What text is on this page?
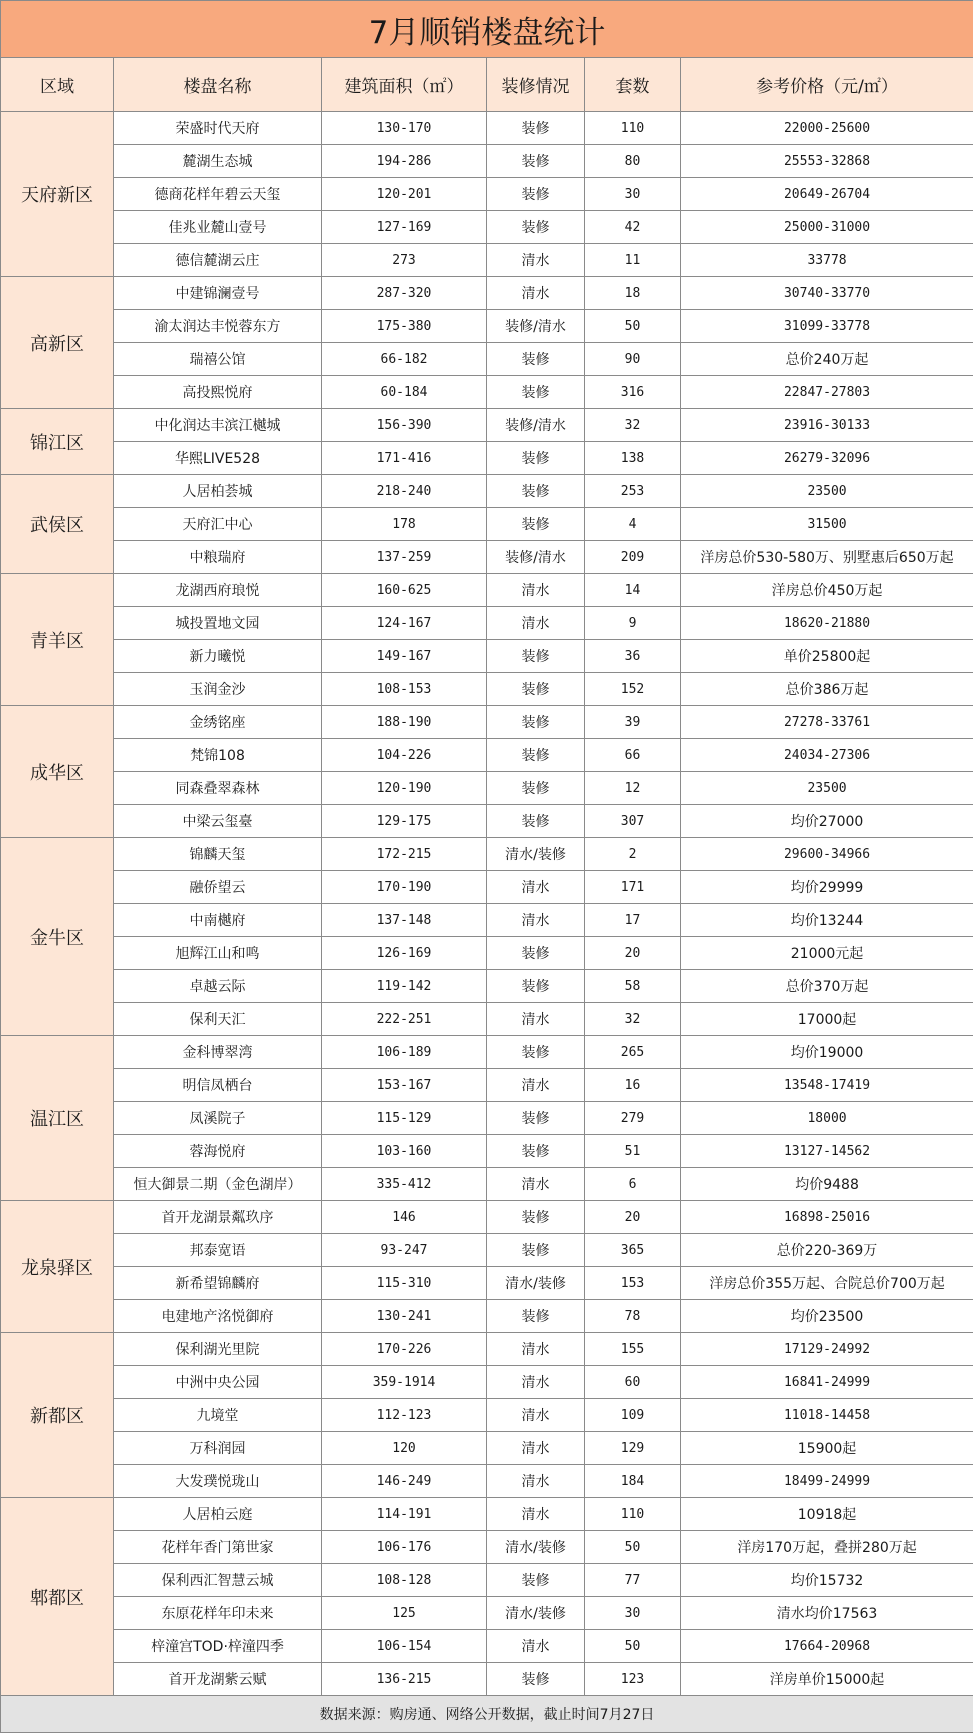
7月顺销楼盘统计					
区域	楼盘名称	建筑面积（㎡）	装修情况	套数	参考价格（元/㎡）
天府新区	荣盛时代天府	130-170	装修	110	22000-25600
	麓湖生态城	194-286	装修	80	25553-32868
	德商花样年碧云天玺	120-201	装修	30	20649-26704
	佳兆业麓山壹号	127-169	装修	42	25000-31000
	德信麓湖云庄	273	清水	11	33778
高新区	中建锦澜壹号	287-320	清水	18	30740-33770
	渝太润达丰悦蓉东方	175-380	装修/清水	50	31099-33778
	瑞禧公馆	66-182	装修	90	总价240万起
	高投熙悦府	60-184	装修	316	22847-27803
锦江区	中化润达丰滨江樾城	156-390	装修/清水	32	23916-30133
	华熙LIVE528	171-416	装修	138	26279-32096
武侯区	人居柏荟城	218-240	装修	253	23500
	天府汇中心	178	装修	4	31500
	中粮瑞府	137-259	装修/清水	209	洋房总价530-580万、别墅惠后650万起
青羊区	龙湖西府琅悦	160-625	清水	14	洋房总价450万起
	城投置地文园	124-167	清水	9	18620-21880
	新力曦悦	149-167	装修	36	单价25800起
	玉润金沙	108-153	装修	152	总价386万起
成华区	金绣铭座	188-190	装修	39	27278-33761
	梵锦108	104-226	装修	66	24034-27306
	同森叠翠森林	120-190	装修	12	23500
	中梁云玺臺	129-175	装修	307	均价27000
金牛区	锦麟天玺	172-215	清水/装修	2	29600-34966
	融侨望云	170-190	清水	171	均价29999
	中南樾府	137-148	清水	17	均价13244
	旭辉江山和鸣	126-169	装修	20	21000元起
	卓越云际	119-142	装修	58	总价370万起
	保利天汇	222-251	清水	32	17000起
温江区	金科博翠湾	106-189	装修	265	均价19000
	明信凤栖台	153-167	清水	16	13548-17419
	凤溪院子	115-129	装修	279	18000
	蓉海悦府	103-160	装修	51	13127-14562
	恒大御景二期（金色湖岸）	335-412	清水	6	均价9488
龙泉驿区	首开龙湖景粼玖序	146	装修	20	16898-25016
	邦泰宽语	93-247	装修	365	总价220-369万
	新希望锦麟府	115-310	清水/装修	153	洋房总价355万起、合院总价700万起
	电建地产洺悦御府	130-241	装修	78	均价23500
新都区	保利湖光里院	170-226	清水	155	17129-24992
	中洲中央公园	359-1914	清水	60	16841-24999
	九境堂	112-123	清水	109	11018-14458
	万科润园	120	清水	129	15900起
	大发璞悦珑山	146-249	清水	184	18499-24999
郫都区	人居柏云庭	114-191	清水	110	10918起
	花样年香门第世家	106-176	清水/装修	50	洋房170万起，叠拼280万起
	保利西汇智慧云城	108-128	装修	77	均价15732
	东原花样年印未来	125	清水/装修	30	清水均价17563
	梓潼宫TOD·梓潼四季	106-154	清水	50	17664-20968
	首开龙湖紫云赋	136-215	装修	123	洋房单价15000起
数据来源：购房通、网络公开数据，截止时间7月27日					
